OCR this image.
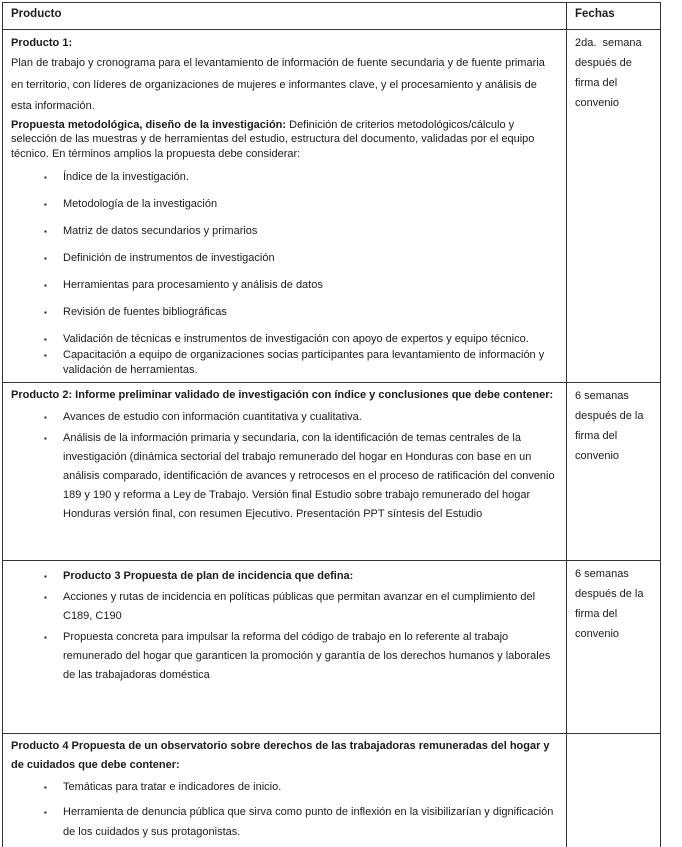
Producto	Fechas

Producto 1:

Plan de trabajo y cronograma para el levantamiento de información de fuente secundaria y de fuente primaria en territorio, con líderes de organizaciones de mujeres e informantes clave, y el procesamiento y análisis de esta información.

Propuesta metodológica, diseño de la investigación: Definición de criterios metodológicos/cálculo y selección de las muestras y de herramientas del estudio, estructura del documento, validadas por el equipo técnico. En términos amplios la propuesta debe considerar:

▪	Índice de la investigación.
▪	Metodología de la investigación
▪	Matriz de datos secundarios y primarios
▪	Definición de instrumentos de investigación
▪	Herramientas para procesamiento y análisis de datos
▪	Revisión de fuentes bibliográficas
▪	Validación de técnicas e instrumentos de investigación con apoyo de expertos y equipo técnico.
▪	Capacitación a equipo de organizaciones socias participantes para levantamiento de información y validación de herramientas.
	2da.  semana después de firma del convenio

Producto 2: Informe preliminar validado de investigación con índice y conclusiones que debe contener:

▪	Avances de estudio con información cuantitativa y cualitativa.
▪	Análisis de la información primaria y secundaria, con la identificación de temas centrales de la investigación (dinámica sectorial del trabajo remunerado del hogar en Honduras con base en un análisis comparado, identificación de avances y retrocesos en el proceso de ratificación del convenio 189 y 190 y reforma a Ley de Trabajo. Versión final Estudio sobre trabajo remunerado del hogar Honduras versión final, con resumen Ejecutivo. Presentación PPT síntesis del Estudio
	6 semanas después de la firma del convenio

▪	Producto 3 Propuesta de plan de incidencia que defina:
▪	Acciones y rutas de incidencia en políticas públicas que permitan avanzar en el cumplimiento del C189, C190
▪	Propuesta concreta para impulsar la reforma del código de trabajo en lo referente al trabajo remunerado del hogar que garanticen la promoción y garantía de los derechos humanos y laborales de las trabajadoras doméstica
	6 semanas después de la firma del convenio

Producto 4 Propuesta de un observatorio sobre derechos de las trabajadoras remuneradas del hogar y de cuidados que debe contener:

▪	Temáticas para tratar e indicadores de inicio.
▪	Herramienta de denuncia pública que sirva como punto de inflexión en la visibilizarían y dignificación de los cuidados y sus protagonistas.
